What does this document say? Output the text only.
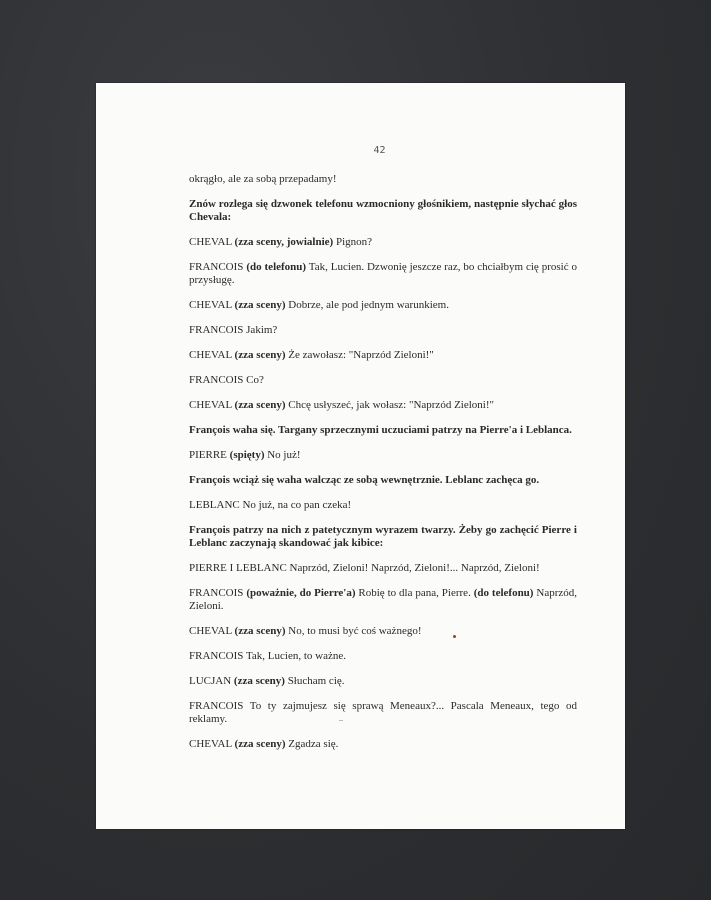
42

okrągło, ale za sobą przepadamy!

Znów rozlega się dzwonek telefonu wzmocniony głośnikiem, następnie słychać głos Chevala:

CHEVAL (zza sceny, jowialnie) Pignon?

FRANCOIS (do telefonu) Tak, Lucien. Dzwonię jeszcze raz, bo chciałbym cię prosić o przysługę.

CHEVAL (zza sceny) Dobrze, ale pod jednym warunkiem.

FRANCOIS Jakim?

CHEVAL (zza sceny) Że zawołasz: "Naprzód Zieloni!"

FRANCOIS Co?

CHEVAL (zza sceny) Chcę usłyszeć, jak wołasz: "Naprzód Zieloni!"

François waha się. Targany sprzecznymi uczuciami patrzy na Pierre'a i Leblanca.

PIERRE (spięty) No już!

François wciąż się waha walcząc ze sobą wewnętrznie. Leblanc zachęca go.

LEBLANC No już, na co pan czeka!

François patrzy na nich z patetycznym wyrazem twarzy. Żeby go zachęcić Pierre i Leblanc zaczynają skandować jak kibice:

PIERRE I LEBLANC Naprzód, Zieloni! Naprzód, Zieloni!... Naprzód, Zieloni!

FRANCOIS (poważnie, do Pierre'a) Robię to dla pana, Pierre. (do telefonu) Naprzód, Zieloni.

CHEVAL (zza sceny) No, to musi być coś ważnego!

FRANCOIS Tak, Lucien, to ważne.

LUCJAN (zza sceny) Słucham cię.

FRANCOIS To ty zajmujesz się sprawą Meneaux?... Pascala Meneaux, tego od reklamy.

CHEVAL (zza sceny) Zgadza się.
